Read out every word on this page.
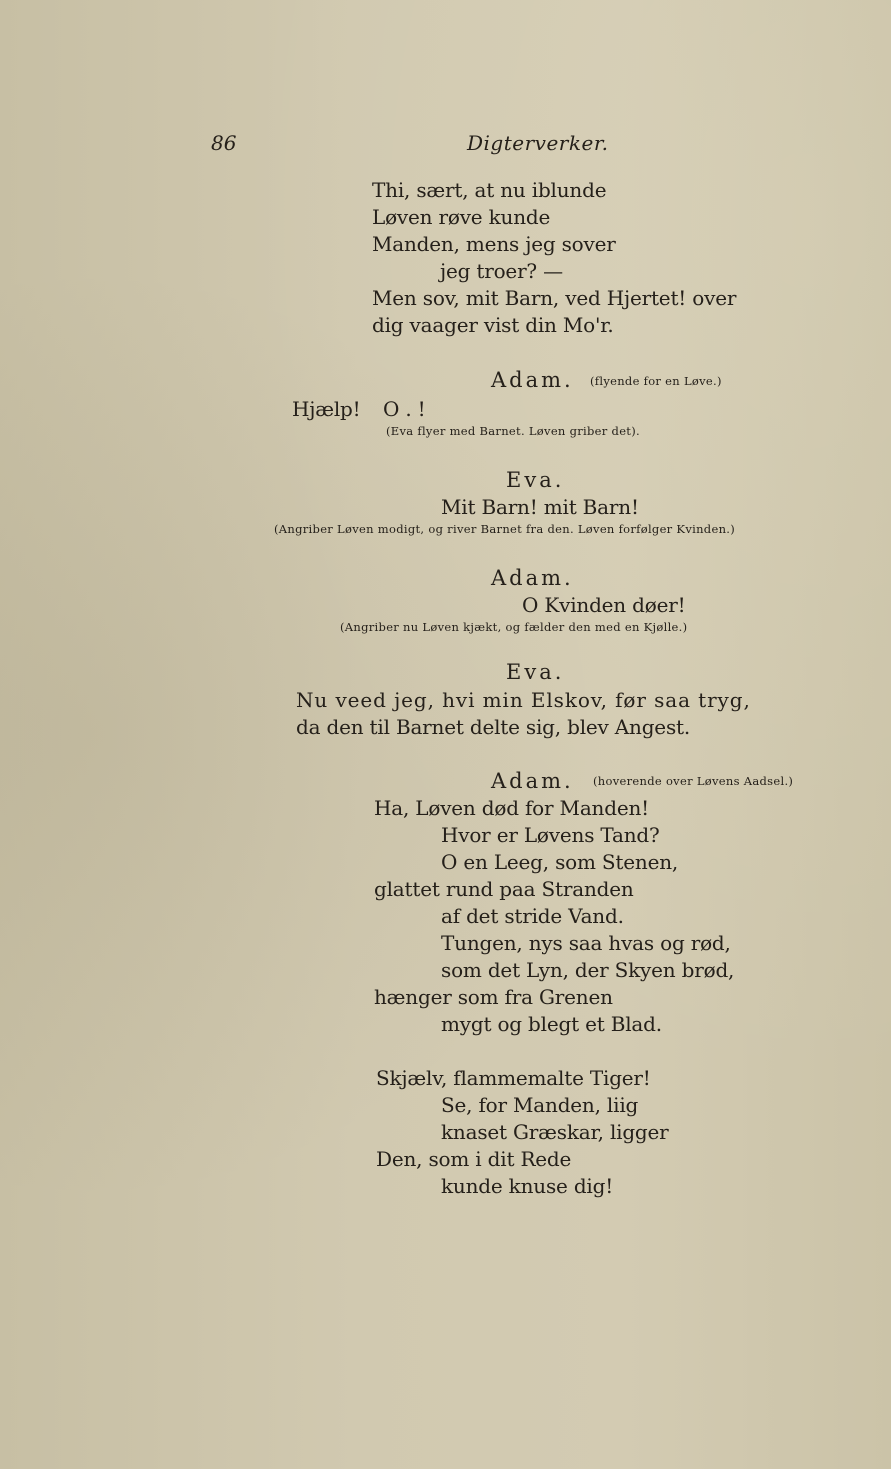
86	Digterverker.
Thi, sært, at nu iblunde
Løven røve kunde
Manden, mens jeg sover
jeg troer? —
Men sov, mit Barn, ved Hjertet! over
dig vaager vist din Mo'r.
Adam. (flyende for en Løve.)
Hjælp! O . !
(Eva flyer med Barnet. Løven griber det).
Eva.
Mit Barn! mit Barn!
(Angriber Løven modigt, og river Barnet fra den. Løven forfølger Kvinden.)
Adam.
O Kvinden døer!
(Angriber nu Løven kjækt, og fælder den med en Kjølle.)
Eva.
Nu veed jeg, hvi min Elskov, før saa tryg,
da den til Barnet delte sig, blev Angest.
Adam. (hoverende over Løvens Aadsel.)
Ha, Løven død for Manden!
Hvor er Løvens Tand?
O en Leeg, som Stenen,
glattet rund paa Stranden
af det stride Vand.
Tungen, nys saa hvas og rød,
som det Lyn, der Skyen brød,
hænger som fra Grenen
mygt og blegt et Blad.
Skjælv, flammemalte Tiger!
Se, for Manden, liig
knaset Græskar, ligger
Den, som i dit Rede
kunde knuse dig!
